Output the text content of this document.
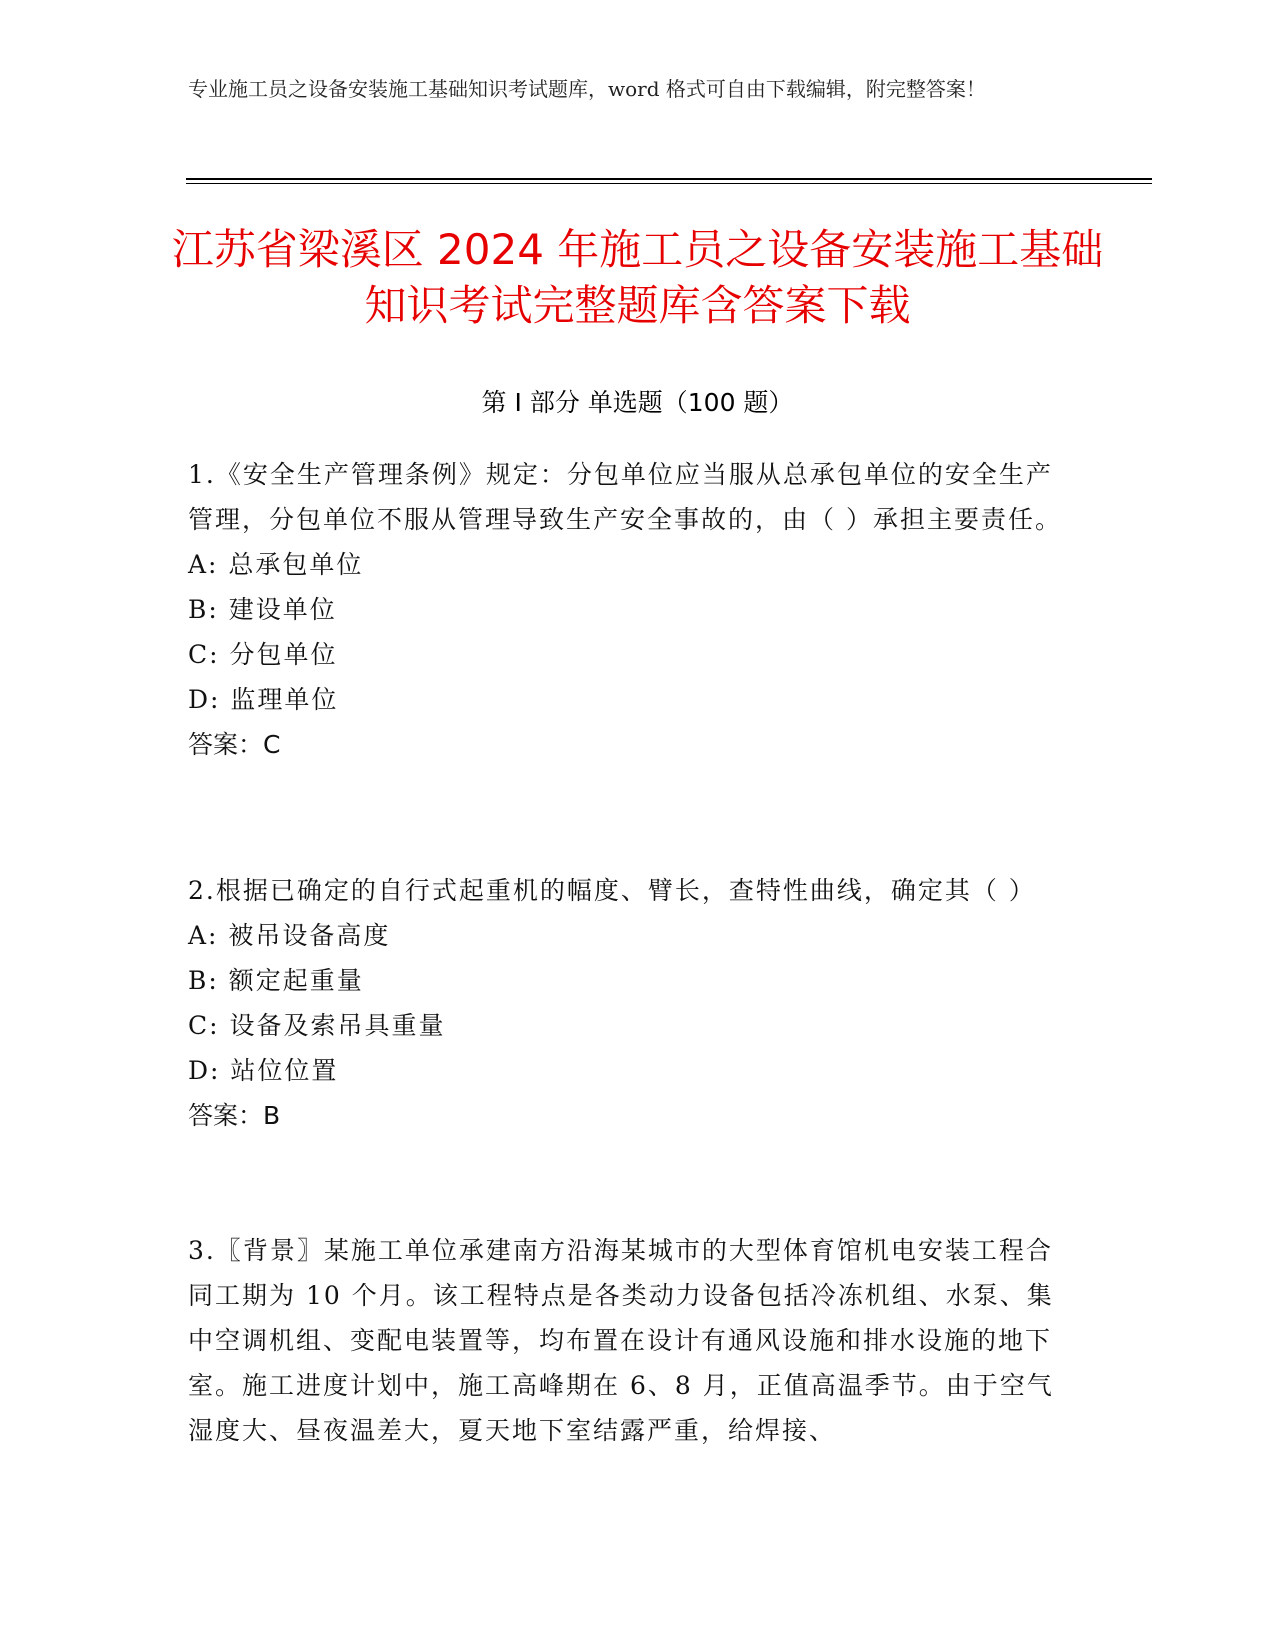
专业施工员之设备安装施工基础知识考试题库，word 格式可自由下载编辑，附完整答案！
江苏省梁溪区 2024 年施工员之设备安装施工基础知识考试完整题库含答案下载
第 I 部分 单选题（100 题）
1.《安全生产管理条例》规定：分包单位应当服从总承包单位的安全生产管理，分包单位不服从管理导致生产安全事故的，由（ ）承担主要责任。
A: 总承包单位
B: 建设单位
C: 分包单位
D: 监理单位
答案：C
2.根据已确定的自行式起重机的幅度、臂长，查特性曲线，确定其（ ）
A: 被吊设备高度
B: 额定起重量
C: 设备及索吊具重量
D: 站位位置
答案：B
3.〖背景〗某施工单位承建南方沿海某城市的大型体育馆机电安装工程合同工期为 10 个月。该工程特点是各类动力设备包括冷冻机组、水泵、集中空调机组、变配电装置等，均布置在设计有通风设施和排水设施的地下室。施工进度计划中，施工高峰期在 6、8 月，正值高温季节。由于空气湿度大、昼夜温差大，夏天地下室结露严重，给焊接、
